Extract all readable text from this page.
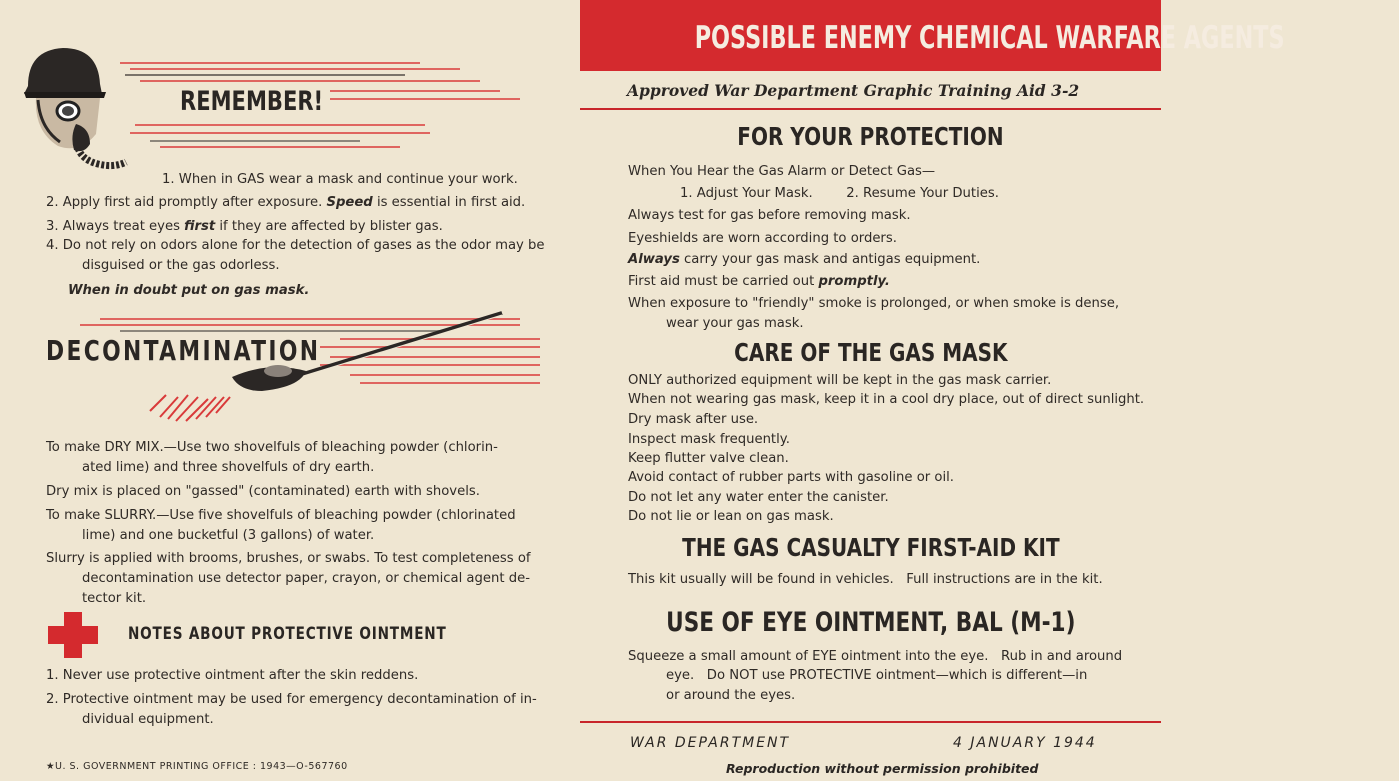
REMEMBER!
1. When in GAS wear a mask and continue your work.
2. Apply first aid promptly after exposure. Speed is essential in first aid.
3. Always treat eyes first if they are affected by blister gas.
4. Do not rely on odors alone for the detection of gases as the odor may be
disguised or the gas odorless.
When in doubt put on gas mask.
DECONTAMINATION
To make DRY MIX.—Use two shovelfuls of bleaching powder (chlorin-
ated lime) and three shovelfuls of dry earth.
Dry mix is placed on "gassed" (contaminated) earth with shovels.
To make SLURRY.—Use five shovelfuls of bleaching powder (chlorinated
lime) and one bucketful (3 gallons) of water.
Slurry is applied with brooms, brushes, or swabs. To test completeness of
decontamination use detector paper, crayon, or chemical agent de-
tector kit.
NOTES ABOUT PROTECTIVE OINTMENT
1. Never use protective ointment after the skin reddens.
2. Protective ointment may be used for emergency decontamination of in-
dividual equipment.
★U. S. GOVERNMENT PRINTING OFFICE : 1943—O-567760
POSSIBLE ENEMY CHEMICAL WARFARE AGENTS
Approved War Department Graphic Training Aid 3-2
FOR YOUR PROTECTION
When You Hear the Gas Alarm or Detect Gas—
1. Adjust Your Mask.        2. Resume Your Duties.
Always test for gas before removing mask.
Eyeshields are worn according to orders.
Always carry your gas mask and antigas equipment.
First aid must be carried out promptly.
When exposure to "friendly" smoke is prolonged, or when smoke is dense,
wear your gas mask.
CARE OF THE GAS MASK
ONLY authorized equipment will be kept in the gas mask carrier.
When not wearing gas mask, keep it in a cool dry place, out of direct sunlight.
Dry mask after use.
Inspect mask frequently.
Keep flutter valve clean.
Avoid contact of rubber parts with gasoline or oil.
Do not let any water enter the canister.
Do not lie or lean on gas mask.
THE GAS CASUALTY FIRST-AID KIT
This kit usually will be found in vehicles.   Full instructions are in the kit.
USE OF EYE OINTMENT, BAL (M-1)
Squeeze a small amount of EYE ointment into the eye.   Rub in and around
eye.   Do NOT use PROTECTIVE ointment—which is different—in
or around the eyes.
WAR DEPARTMENT	4 JANUARY 1944
Reproduction without permission prohibited
